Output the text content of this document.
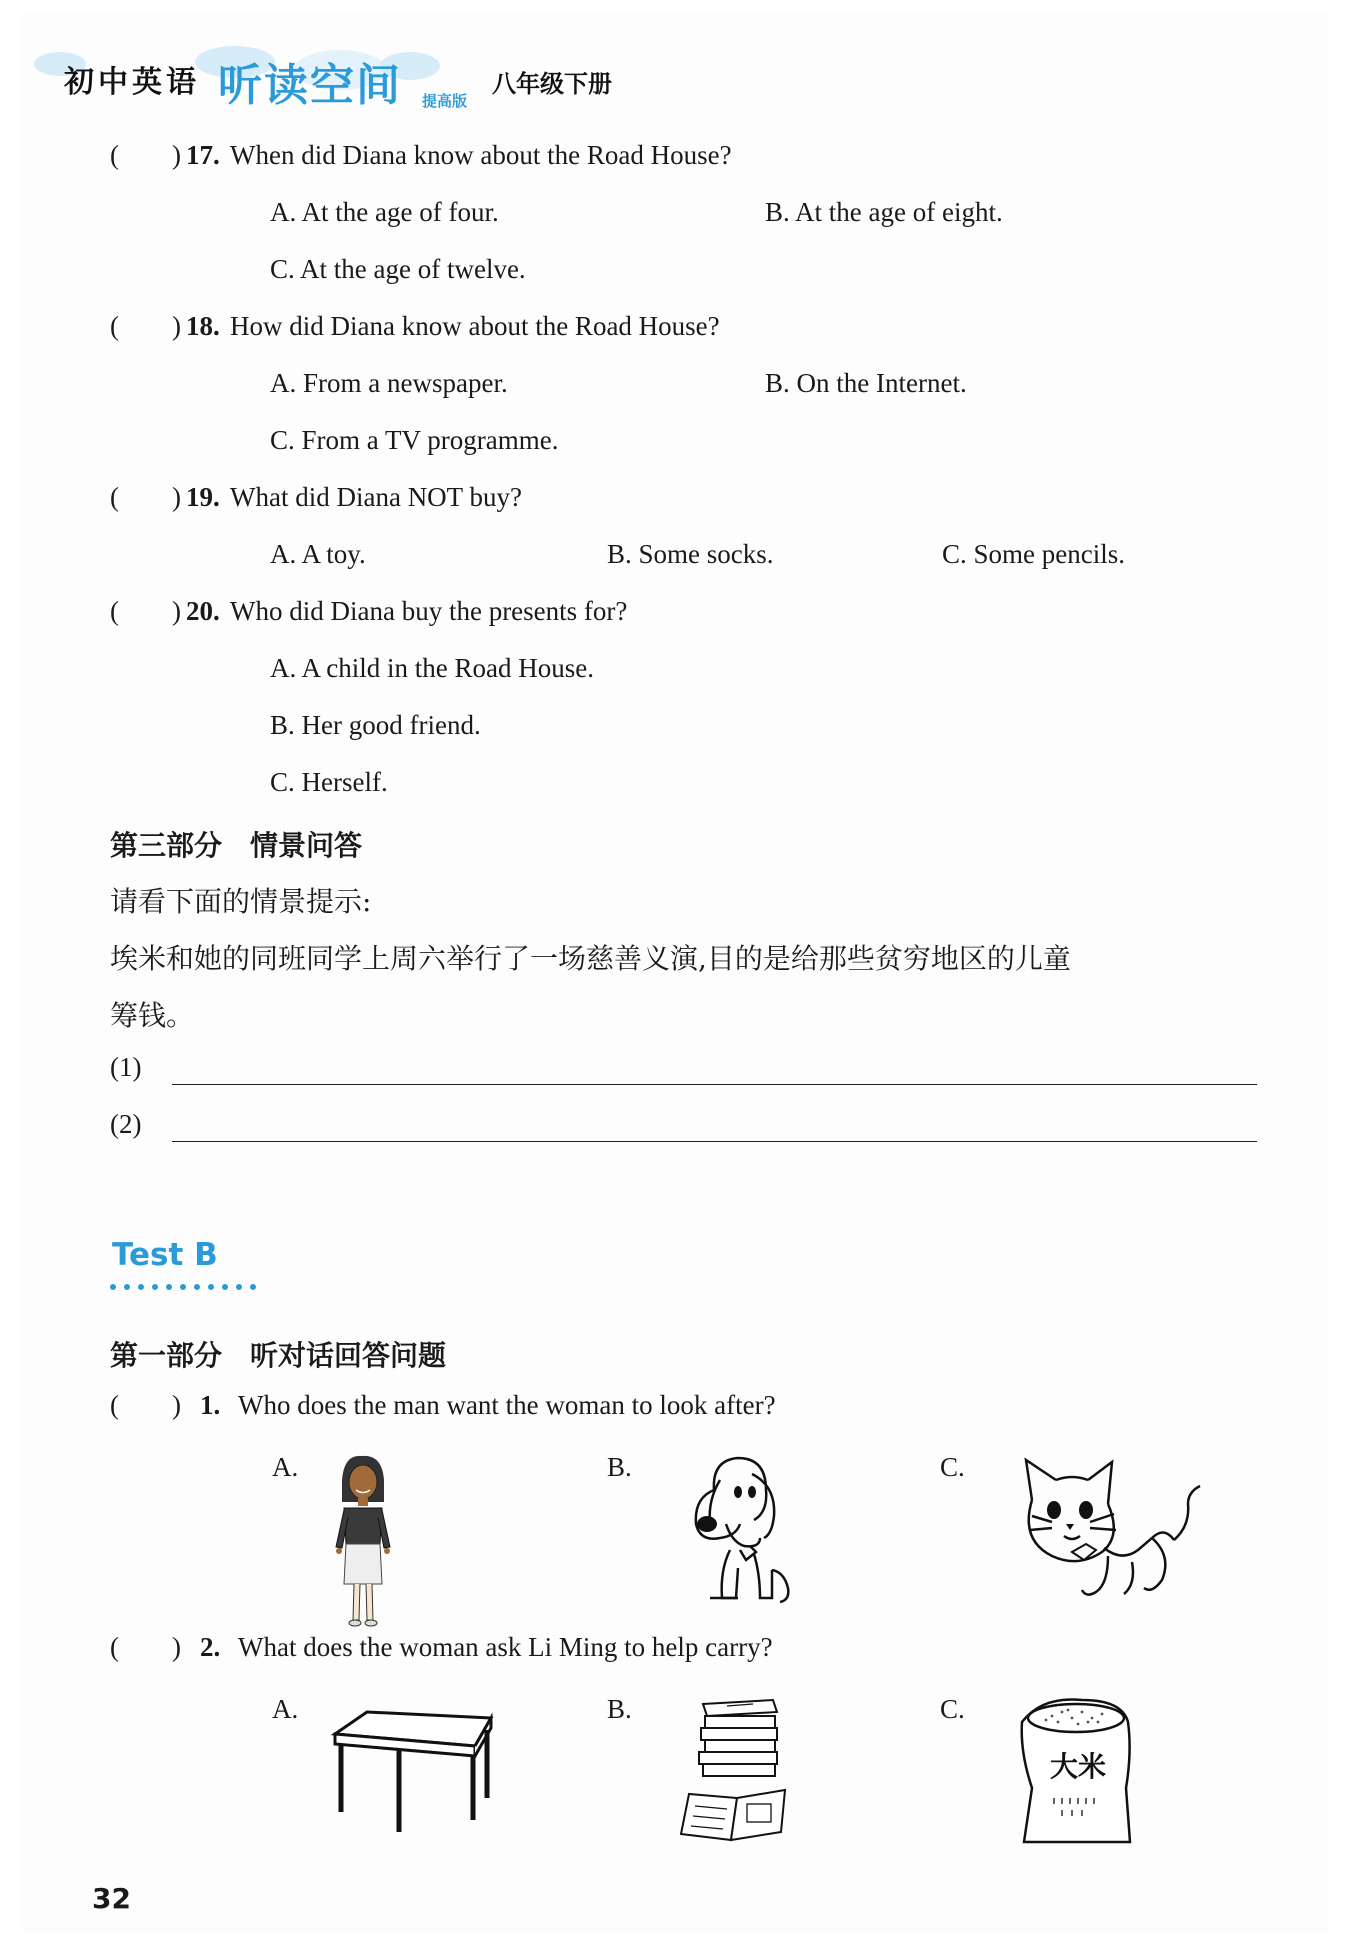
初中英语 听读空间 提高版
八年级下册
( ) 17. When did Diana know about the Road House?
A. At the age of four.	B. At the age of eight.
C. At the age of twelve.
( ) 18. How did Diana know about the Road House?
A. From a newspaper.	B. On the Internet.
C. From a TV programme.
( ) 19. What did Diana NOT buy?
A. A toy.	B. Some socks.	C. Some pencils.
( ) 20. Who did Diana buy the presents for?
A. A child in the Road House.
B. Her good friend.
C. Herself.
第三部分　情景问答
请看下面的情景提示:
埃米和她的同班同学上周六举行了一场慈善义演,目的是给那些贫穷地区的儿童
筹钱。
(1)
(2)
Test B
第一部分　听对话回答问题
( ) 1. Who does the man want the woman to look after?
A.	B.	C.
( ) 2. What does the woman ask Li Ming to help carry?
A.	B.	C.
大米
32
